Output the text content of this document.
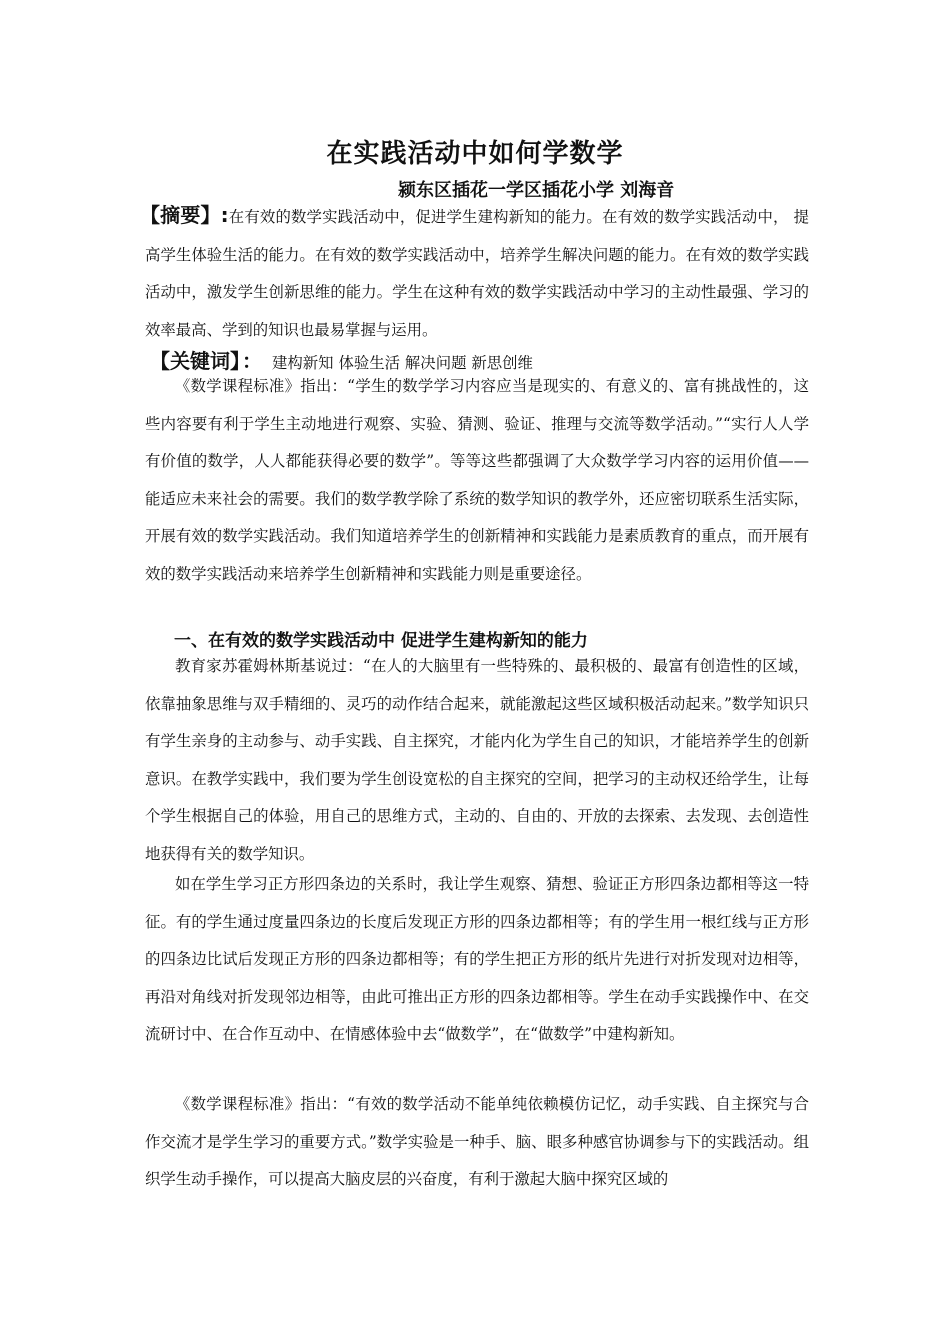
在实践活动中如何学数学
颍东区插花一学区插花小学 刘海音

【摘要】:在有效的数学实践活动中，促进学生建构新知的能力。在有效的数学实践活动中， 提高学生体验生活的能力。在有效的数学实践活动中，培养学生解决问题的能力。在有效的数学实践活动中，激发学生创新思维的能力。学生在这种有效的数学实践活动中学习的主动性最强、学习的效率最高、学到的知识也最易掌握与运用。

【关键词】 ： 建构新知 体验生活 解决问题 新思创维

《数学课程标准》指出：“学生的数学学习内容应当是现实的、有意义的、富有挑战性的，这些内容要有利于学生主动地进行观察、实验、猜测、验证、推理与交流等数学活动。”“实行人人学有价值的数学，人人都能获得必要的数学”。等等这些都强调了大众数学学习内容的运用价值——能适应未来社会的需要。我们的数学教学除了系统的数学知识的教学外，还应密切联系生活实际，开展有效的数学实践活动。我们知道培养学生的创新精神和实践能力是素质教育的重点，而开展有效的数学实践活动来培养学生创新精神和实践能力则是重要途径。

一、在有效的数学实践活动中 促进学生建构新知的能力

教育家苏霍姆林斯基说过：“在人的大脑里有一些特殊的、最积极的、最富有创造性的区域，依靠抽象思维与双手精细的、灵巧的动作结合起来，就能激起这些区域积极活动起来。”数学知识只有学生亲身的主动参与、动手实践、自主探究，才能内化为学生自己的知识，才能培养学生的创新意识。在教学实践中，我们要为学生创设宽松的自主探究的空间，把学习的主动权还给学生，让每个学生根据自己的体验，用自己的思维方式，主动的、自由的、开放的去探索、去发现、去创造性地获得有关的数学知识。

如在学生学习正方形四条边的关系时，我让学生观察、猜想、验证正方形四条边都相等这一特征。有的学生通过度量四条边的长度后发现正方形的四条边都相等；有的学生用一根红线与正方形的四条边比试后发现正方形的四条边都相等；有的学生把正方形的纸片先进行对折发现对边相等，再沿对角线对折发现邻边相等，由此可推出正方形的四条边都相等。学生在动手实践操作中、在交流研讨中、在合作互动中、在情感体验中去“做数学”，在“做数学”中建构新知。

《数学课程标准》指出：“有效的数学活动不能单纯依赖模仿记忆，动手实践、自主探究与合作交流才是学生学习的重要方式。”数学实验是一种手、脑、眼多种感官协调参与下的实践活动。组织学生动手操作，可以提高大脑皮层的兴奋度，有利于激起大脑中探究区域的
